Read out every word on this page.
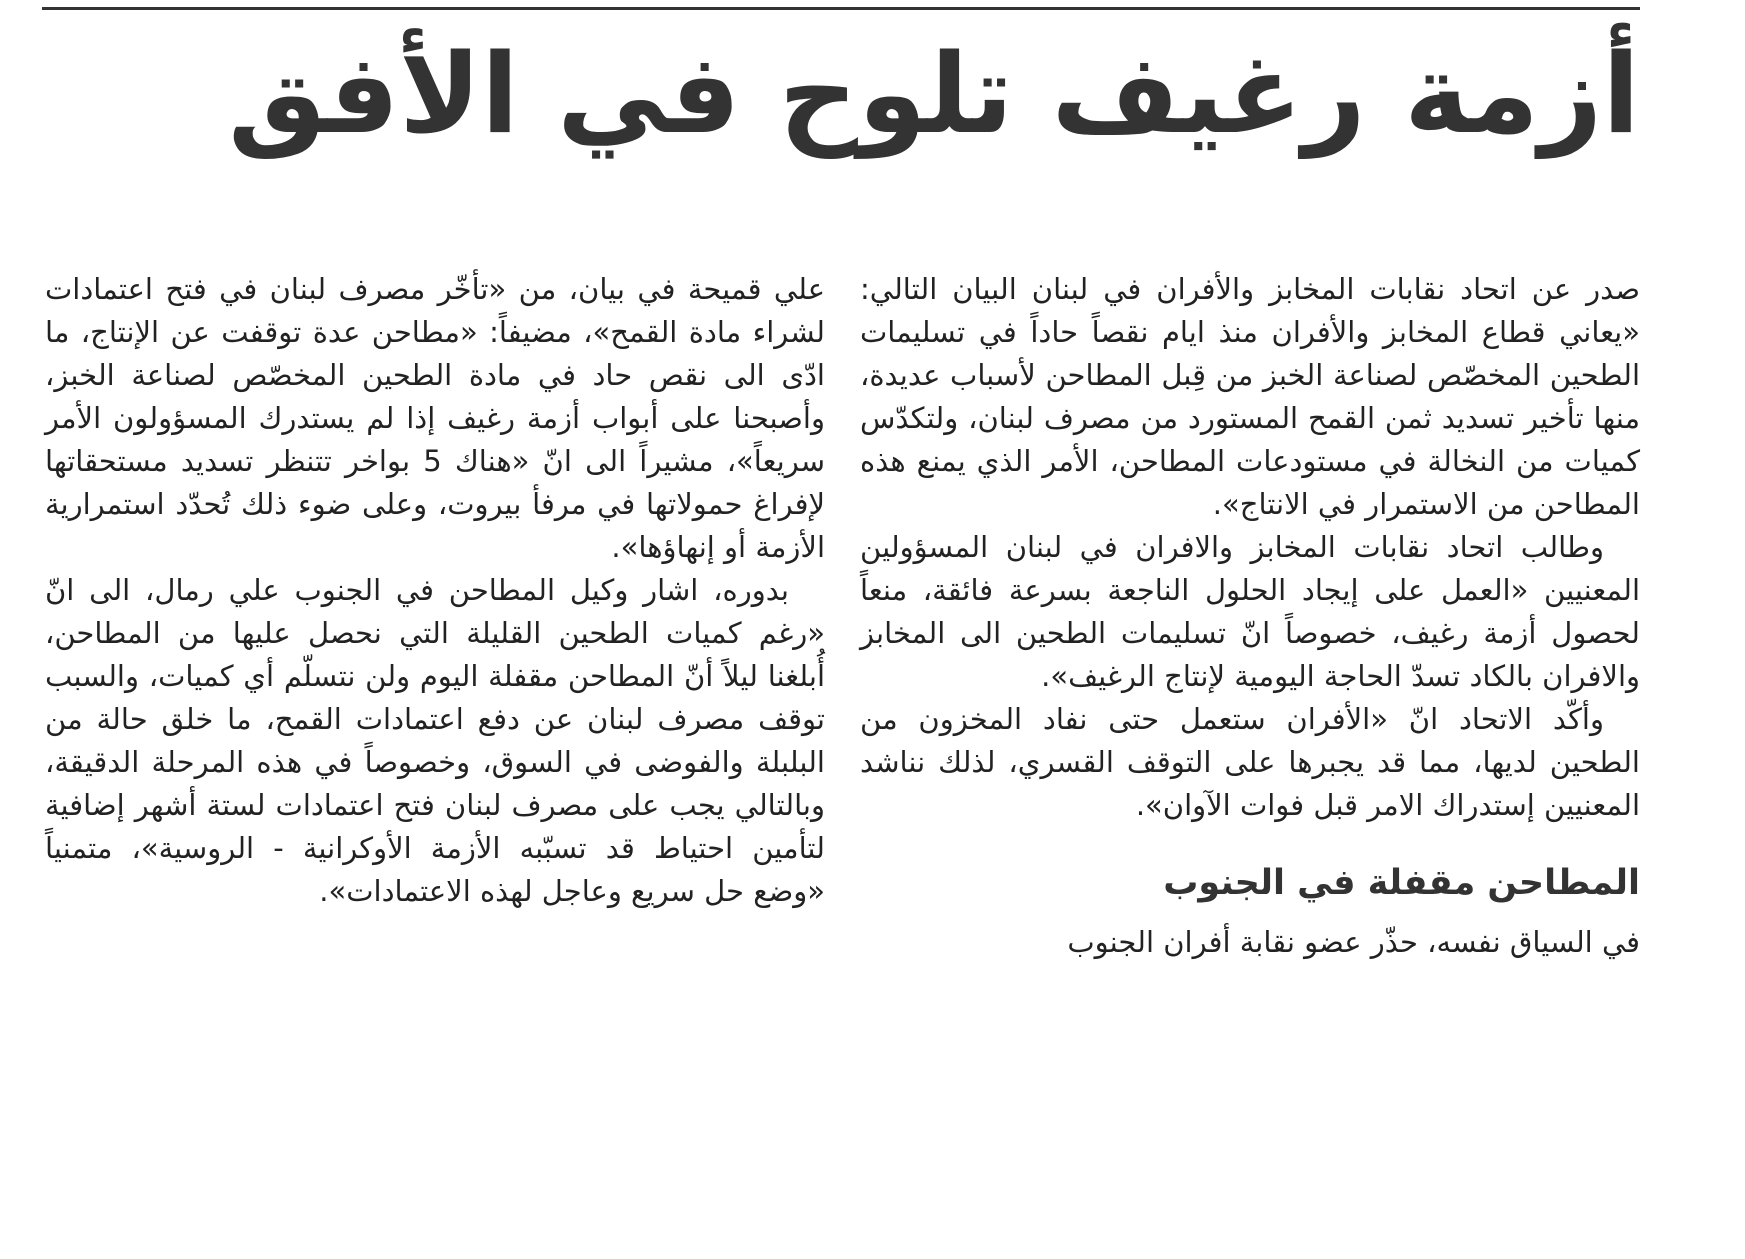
أزمة رغيف تلوح في الأفق

صدر عن اتحاد نقابات المخابز والأفران في لبنان البيان التالي: «يعاني قطاع المخابز والأفران منذ ايام نقصاً حاداً في تسليمات الطحين المخصّص لصناعة الخبز من قِبل المطاحن لأسباب عديدة، منها تأخير تسديد ثمن القمح المستورد من مصرف لبنان، ولتكدّس كميات من النخالة في مستودعات المطاحن، الأمر الذي يمنع هذه المطاحن من الاستمرار في الانتاج».

وطالب اتحاد نقابات المخابز والافران في لبنان المسؤولين المعنيين «العمل على إيجاد الحلول الناجعة بسرعة فائقة، منعاً لحصول أزمة رغيف، خصوصاً انّ تسليمات الطحين الى المخابز والافران بالكاد تسدّ الحاجة اليومية لإنتاج الرغيف».

وأكّد الاتحاد انّ «الأفران ستعمل حتى نفاد المخزون من الطحين لديها، مما قد يجبرها على التوقف القسري، لذلك نناشد المعنيين إستدراك الامر قبل فوات الآوان».

المطاحن مقفلة في الجنوب

في السياق نفسه، حذّر عضو نقابة أفران الجنوب

علي قميحة في بيان، من «تأخّر مصرف لبنان في فتح اعتمادات لشراء مادة القمح»، مضيفاً: «مطاحن عدة توقفت عن الإنتاج، ما ادّى الى نقص حاد في مادة الطحين المخصّص لصناعة الخبز، وأصبحنا على أبواب أزمة رغيف إذا لم يستدرك المسؤولون الأمر سريعاً»، مشيراً الى انّ «هناك 5 بواخر تتنظر تسديد مستحقاتها لإفراغ حمولاتها في مرفأ بيروت، وعلى ضوء ذلك تُحدّد استمرارية الأزمة أو إنهاؤها».

بدوره، اشار وكيل المطاحن في الجنوب علي رمال، الى انّ «رغم كميات الطحين القليلة التي نحصل عليها من المطاحن، أُبلغنا ليلاً أنّ المطاحن مقفلة اليوم ولن نتسلّم أي كميات، والسبب توقف مصرف لبنان عن دفع اعتمادات القمح، ما خلق حالة من البلبلة والفوضى في السوق، وخصوصاً في هذه المرحلة الدقيقة، وبالتالي يجب على مصرف لبنان فتح اعتمادات لستة أشهر إضافية لتأمين احتياط قد تسبّبه الأزمة الأوكرانية - الروسية»، متمنياً «وضع حل سريع وعاجل لهذه الاعتمادات».
